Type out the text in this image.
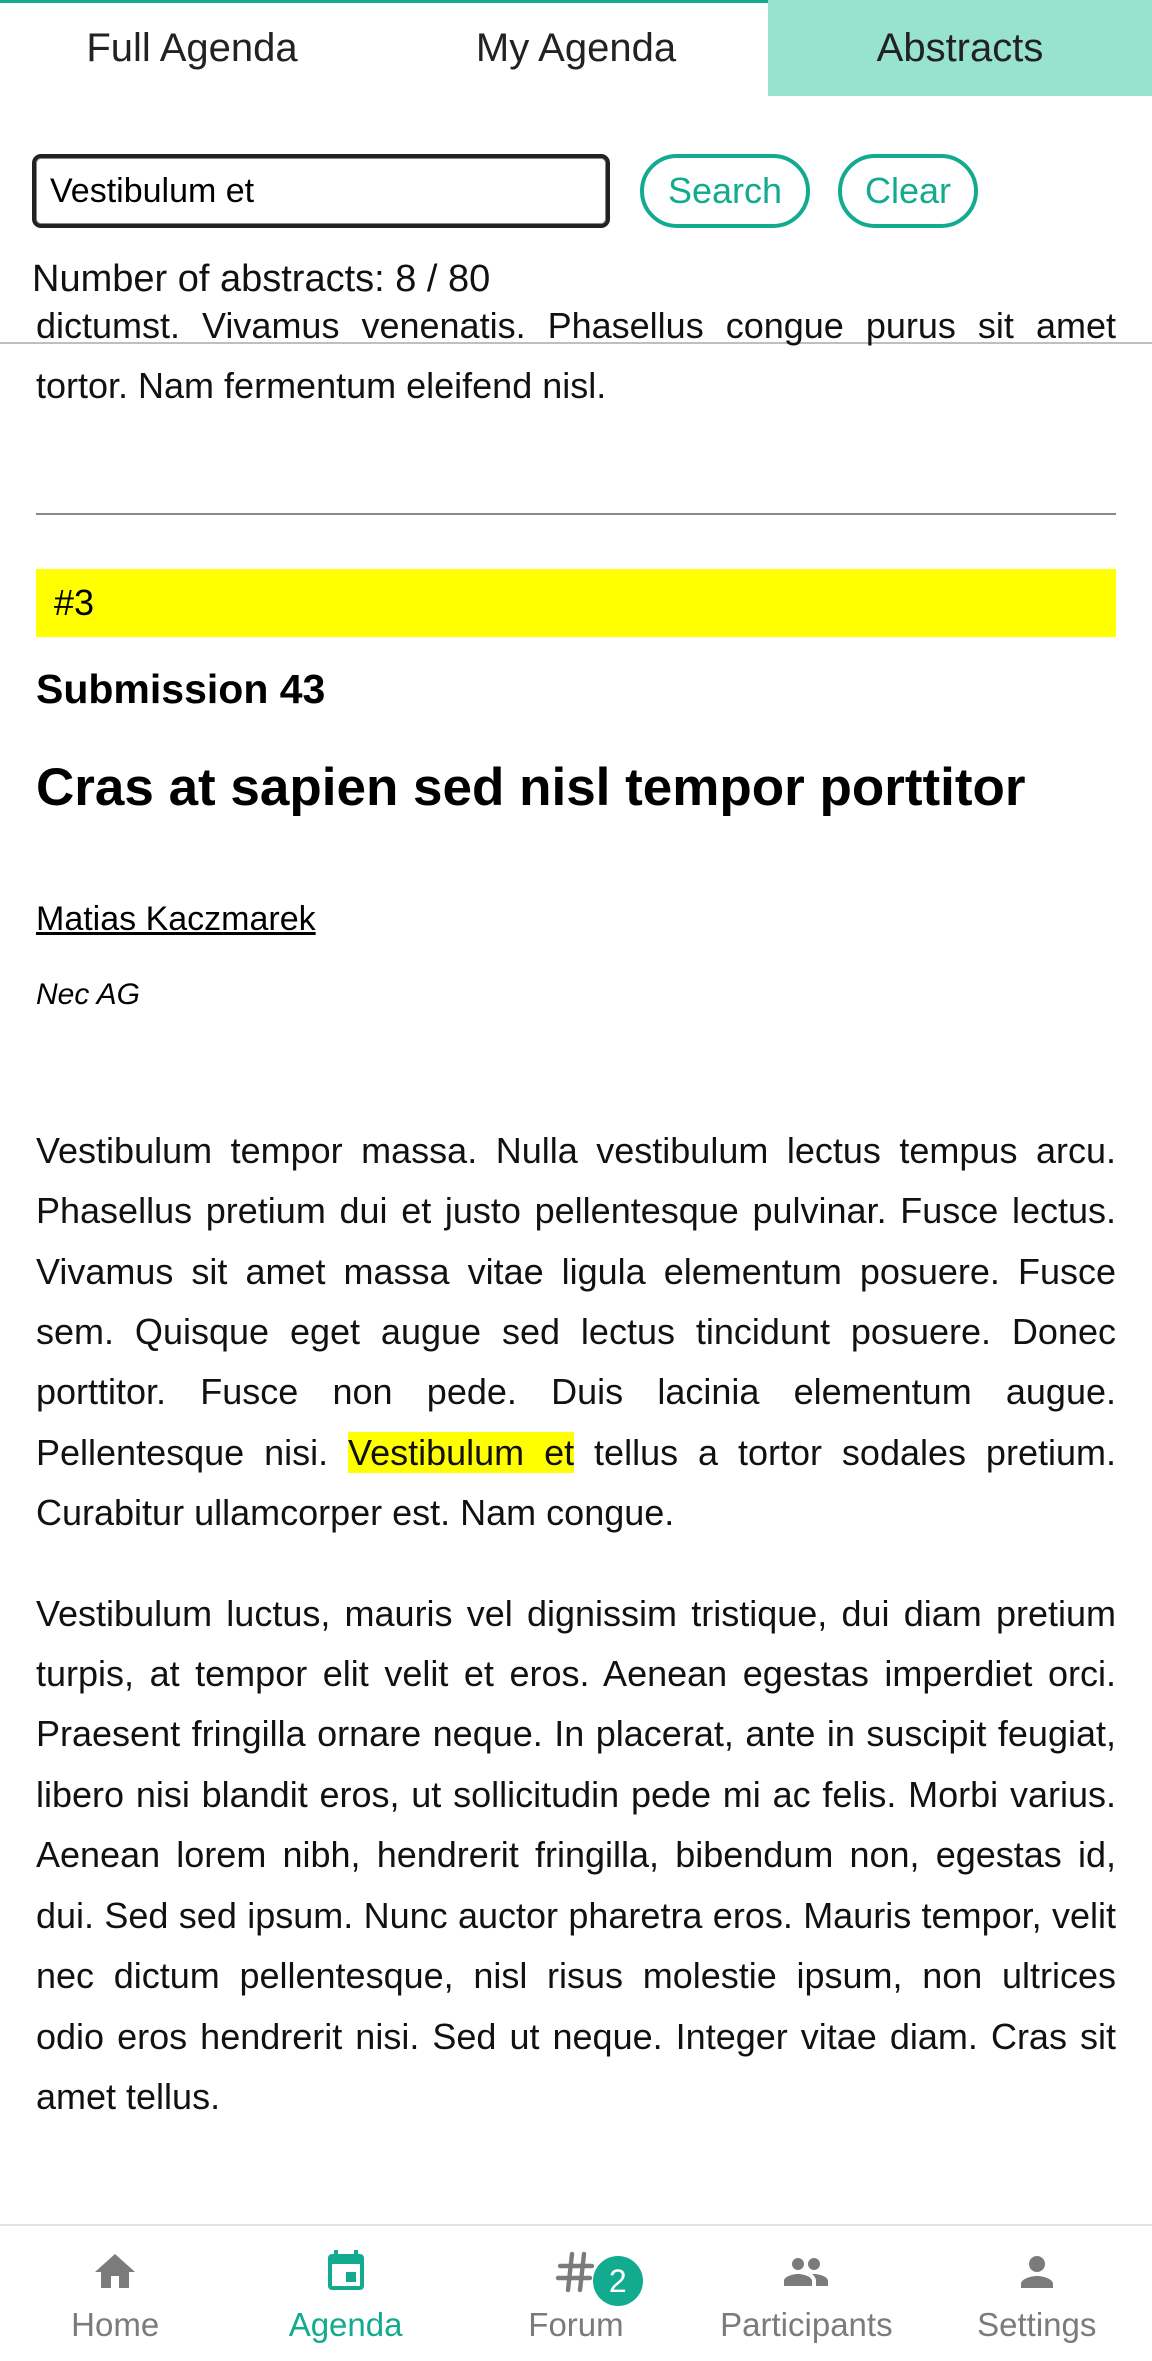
Full Agenda	My Agenda	Abstracts
Vestibulum et
Search	Clear
Number of abstracts: 8 / 80

dictumst. Vivamus venenatis. Phasellus congue purus sit amet tortor. Nam fermentum eleifend nisl.

#3
Submission 43
Cras at sapien sed nisl tempor porttitor
Matias Kaczmarek
Nec AG

Vestibulum tempor massa. Nulla vestibulum lectus tempus arcu. Phasellus pretium dui et justo pellentesque pulvinar. Fusce lectus. Vivamus sit amet massa vitae ligula elementum posuere. Fusce sem. Quisque eget augue sed lectus tincidunt posuere. Donec porttitor. Fusce non pede. Duis lacinia elementum augue. Pellentesque nisi. Vestibulum et tellus a tortor sodales pretium. Curabitur ullamcorper est. Nam congue.

Vestibulum luctus, mauris vel dignissim tristique, dui diam pretium turpis, at tempor elit velit et eros. Aenean egestas imperdiet orci. Praesent fringilla ornare neque. In placerat, ante in suscipit feugiat, libero nisi blandit eros, ut sollicitudin pede mi ac felis. Morbi varius. Aenean lorem nibh, hendrerit fringilla, bibendum non, egestas id, dui. Sed sed ipsum. Nunc auctor pharetra eros. Mauris tempor, velit nec dictum pellentesque, nisl risus molestie ipsum, non ultrices odio eros hendrerit nisi. Sed ut neque. Integer vitae diam. Cras sit amet tellus.

Home	Agenda	Forum
2
Participants	Settings
